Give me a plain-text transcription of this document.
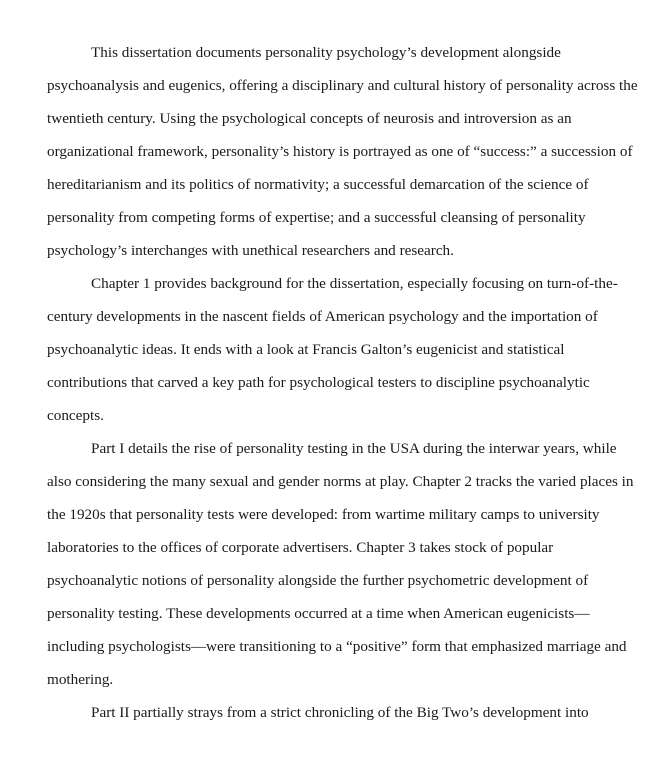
This dissertation documents personality psychology’s development alongside
psychoanalysis and eugenics, offering a disciplinary and cultural history of personality across the
twentieth century. Using the psychological concepts of neurosis and introversion as an
organizational framework, personality’s history is portrayed as one of “success:” a succession of
hereditarianism and its politics of normativity; a successful demarcation of the science of
personality from competing forms of expertise; and a successful cleansing of personality
psychology’s interchanges with unethical researchers and research.

Chapter 1 provides background for the dissertation, especially focusing on turn-of-the-
century developments in the nascent fields of American psychology and the importation of
psychoanalytic ideas. It ends with a look at Francis Galton’s eugenicist and statistical
contributions that carved a key path for psychological testers to discipline psychoanalytic
concepts.

Part I details the rise of personality testing in the USA during the interwar years, while
also considering the many sexual and gender norms at play. Chapter 2 tracks the varied places in
the 1920s that personality tests were developed: from wartime military camps to university
laboratories to the offices of corporate advertisers. Chapter 3 takes stock of popular
psychoanalytic notions of personality alongside the further psychometric development of
personality testing. These developments occurred at a time when American eugenicists—
including psychologists—were transitioning to a “positive” form that emphasized marriage and
mothering.

Part II partially strays from a strict chronicling of the Big Two’s development into
